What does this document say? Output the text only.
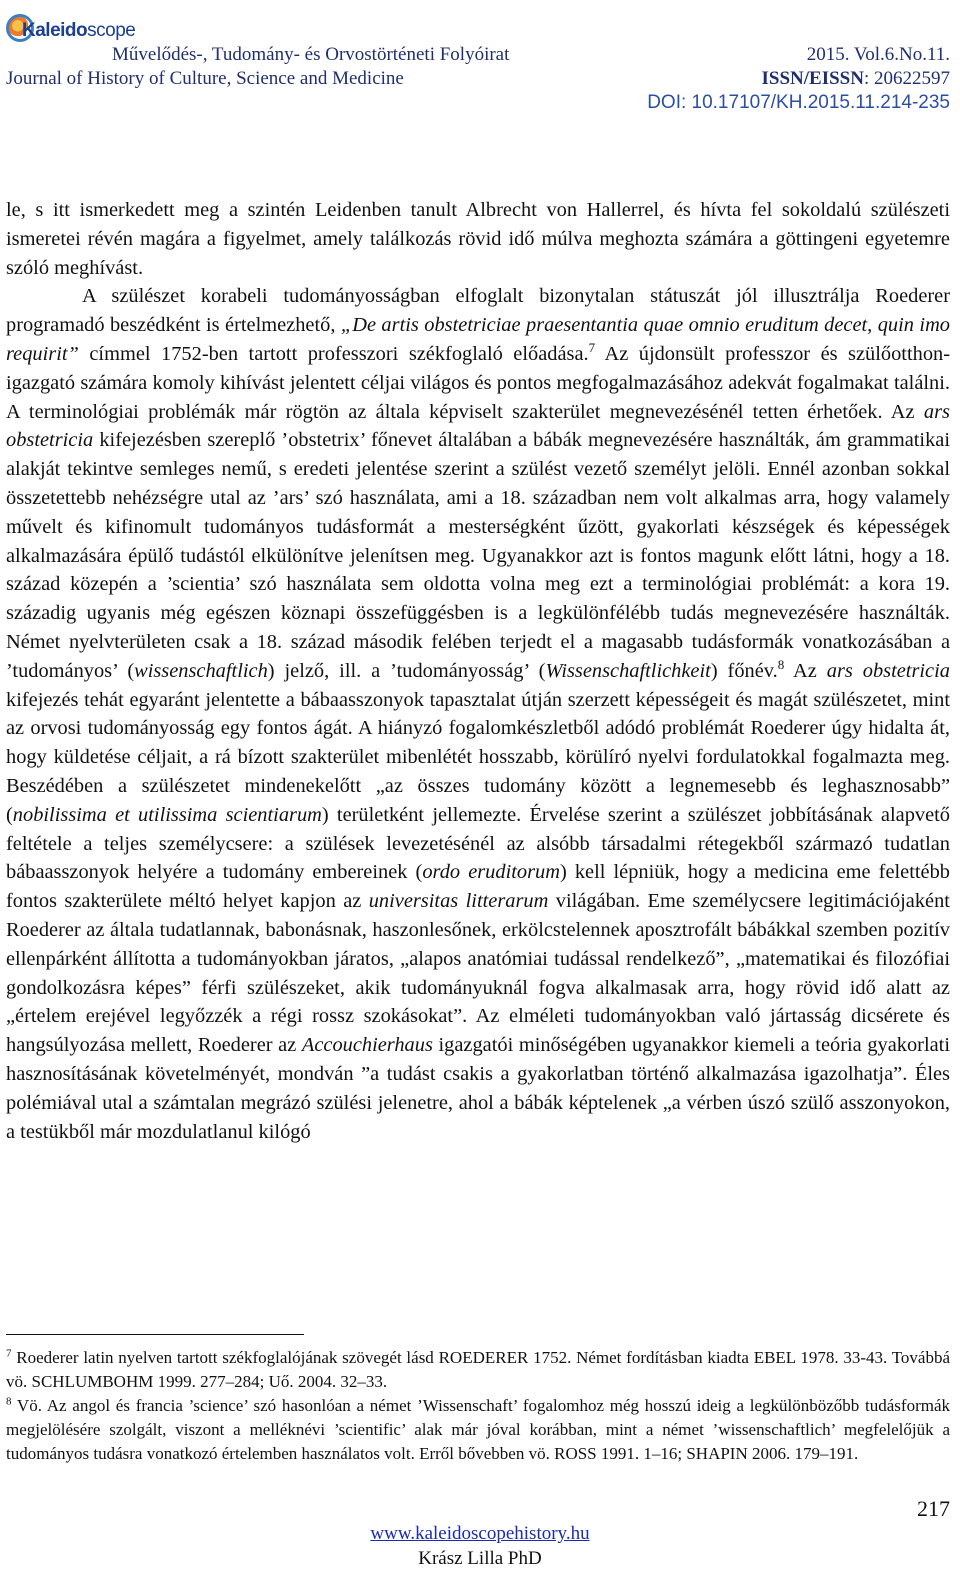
Kaleidoscope
Művelődés-, Tudomány- és Orvostörténeti Folyóirat
Journal of History of Culture, Science and Medicine
2015. Vol.6.No.11.
ISSN/EISSN: 20622597
DOI: 10.17107/KH.2015.11.214-235

le, s itt ismerkedett meg a szintén Leidenben tanult Albrecht von Hallerrel, és hívta fel sokoldalú szülészeti ismeretei révén magára a figyelmet, amely találkozás rövid idő múlva meghozta számára a göttingeni egyetemre szóló meghívást.

A szülészet korabeli tudományosságban elfoglalt bizonytalan státuszát jól illusztrálja Roederer programadó beszédként is értelmezhető, „De artis obstetriciae praesentantia quae omnio eruditum decet, quin imo requirit” címmel 1752-ben tartott professzori székfoglaló előadása.$^7$ Az újdonsült professzor és szülőotthon-igazgató számára komoly kihívást jelentett céljai világos és pontos megfogalmazásához adekvát fogalmakat találni. A terminológiai problémák már rögtön az általa képviselt szakterület megnevezésénél tetten érhetőek. Az ars obstetricia kifejezésben szereplő ’obstetrix’ főnevet általában a bábák megnevezésére használták, ám grammatikai alakját tekintve semleges nemű, s eredeti jelentése szerint a szülést vezető személyt jelöli. Ennél azonban sokkal összetettebb nehézségre utal az ’ars’ szó használata, ami a 18. században nem volt alkalmas arra, hogy valamely művelt és kifinomult tudományos tudásformát a mesterségként űzött, gyakorlati készségek és képességek alkalmazására épülő tudástól elkülönítve jelenítsen meg. Ugyanakkor azt is fontos magunk előtt látni, hogy a 18. század közepén a ’scientia’ szó használata sem oldotta volna meg ezt a terminológiai problémát: a kora 19. századig ugyanis még egészen köznapi összefüggésben is a legkülönfélébb tudás megnevezésére használták. Német nyelvterületen csak a 18. század második felében terjedt el a magasabb tudásformák vonatkozásában a ’tudományos’ (wissenschaftlich) jelző, ill. a ’tudományosság’ (Wissenschaftlichkeit) főnév.$^8$ Az ars obstetricia kifejezés tehát egyaránt jelentette a bábaasszonyok tapasztalat útján szerzett képességeit és magát szülészetet, mint az orvosi tudományosság egy fontos ágát. A hiányzó fogalomkészletből adódó problémát Roederer úgy hidalta át, hogy küldetése céljait, a rá bízott szakterület mibenlétét hosszabb, körülíró nyelvi fordulatokkal fogalmazta meg. Beszédében a szülészetet mindenekelőtt „az összes tudomány között a legnemesebb és leghasznosabb” (nobilissima et utilissima scientiarum) területként jellemezte. Érvelése szerint a szülészet jobbításának alapvető feltétele a teljes személycsere: a szülések levezetésénél az alsóbb társadalmi rétegekből származó tudatlan bábaasszonyok helyére a tudomány embereinek (ordo eruditorum) kell lépniük, hogy a medicina eme felettébb fontos szakterülete méltó helyet kapjon az universitas litterarum világában. Eme személycsere legitimációjaként Roederer az általa tudatlannak, babonásnak, haszonlesőnek, erkölcstelennek aposztrofált bábákkal szemben pozitív ellenpárként állította a tudományokban járatos, „alapos anatómiai tudással rendelkező”, „matematikai és filozófiai gondolkozásra képes” férfi szülészeket, akik tudományuknál fogva alkalmasak arra, hogy rövid idő alatt az „értelem erejével legyőzzék a régi rossz szokásokat”. Az elméleti tudományokban való jártasság dicsérete és hangsúlyozása mellett, Roederer az Accouchierhaus igazgatói minőségében ugyanakkor kiemeli a teória gyakorlati hasznosításának követelményét, mondván ”a tudást csakis a gyakorlatban történő alkalmazása igazolhatja”. Éles polémiával utal a számtalan megrázó szülési jelenetre, ahol a bábák képtelenek „a vérben úszó szülő asszonyokon, a testükből már mozdulatlanul kilógó

$^7$ Roederer latin nyelven tartott székfoglalójának szövegét lásd ROEDERER 1752. Német fordításban kiadta EBEL 1978. 33-43. Továbbá vö. SCHLUMBOHM 1999. 277–284; Uő. 2004. 32–33.

$^8$ Vö. Az angol és francia ’science’ szó hasonlóan a német ’Wissenschaft’ fogalomhoz még hosszú ideig a legkülönbözőbb tudásformák megjelölésére szolgált, viszont a melléknévi ’scientific’ alak már jóval korábban, mint a német ’wissenschaftlich’ megfelelőjük a tudományos tudásra vonatkozó értelemben használatos volt. Erről bővebben vö. ROSS 1991. 1–16; SHAPIN 2006. 179–191.

217
www.kaleidoscopehistory.hu
Krász Lilla PhD
